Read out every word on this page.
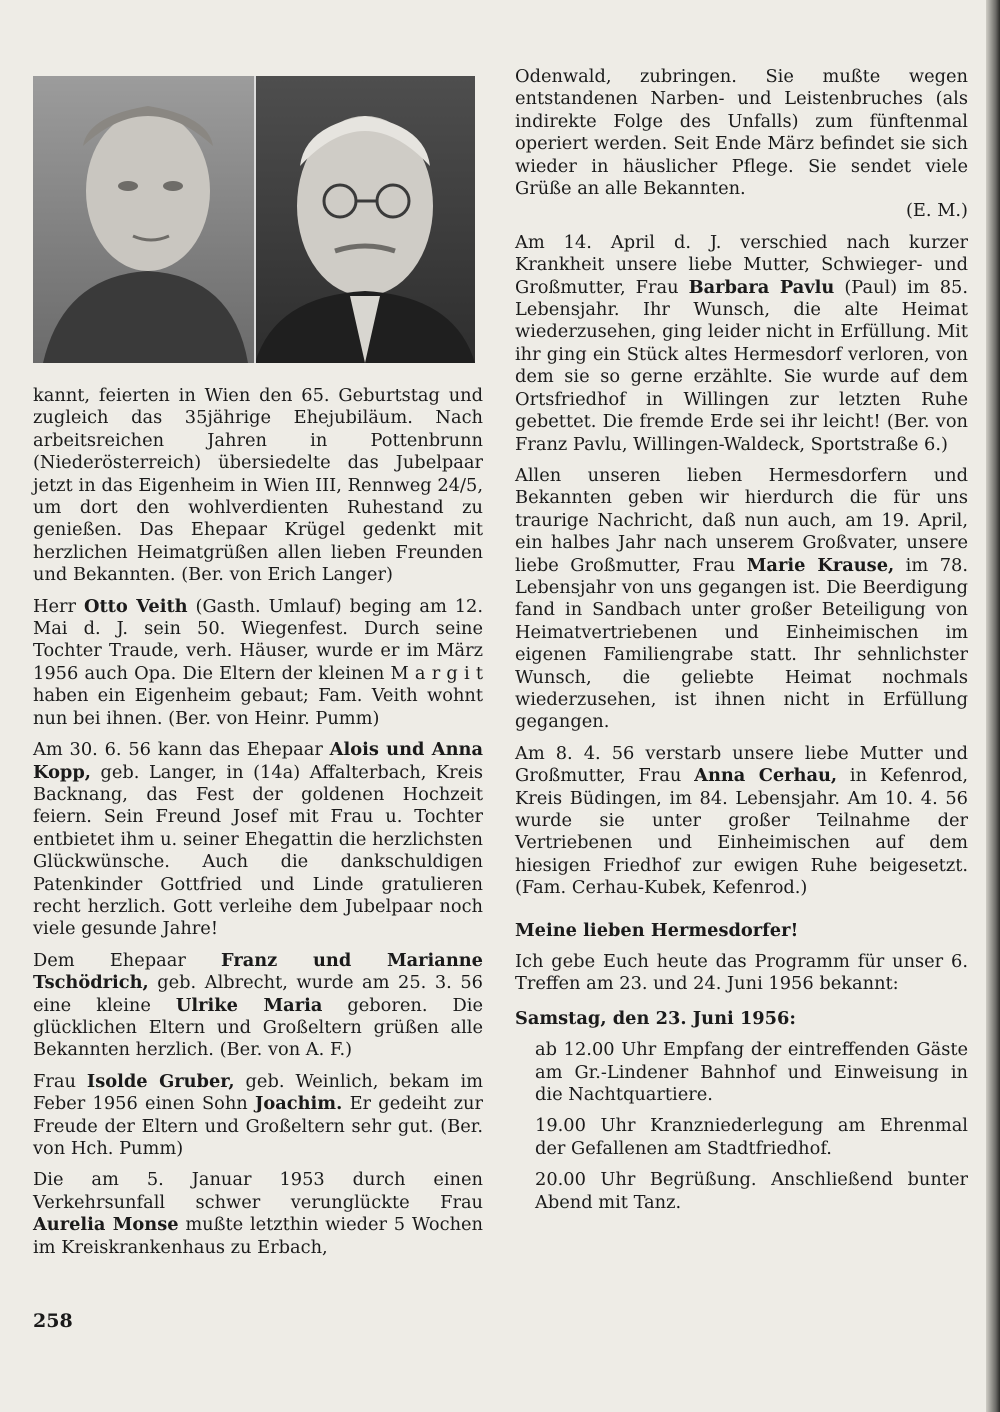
kannt, feierten in Wien den 65. Geburtstag und zugleich das 35jährige Ehejubiläum. Nach arbeitsreichen Jahren in Pottenbrunn (Niederösterreich) übersiedelte das Jubelpaar jetzt in das Eigenheim in Wien III, Rennweg 24/5, um dort den wohlverdienten Ruhestand zu genießen. Das Ehepaar Krügel gedenkt mit herzlichen Heimatgrüßen allen lieben Freunden und Bekannten. (Ber. von Erich Langer)

Herr Otto Veith (Gasth. Umlauf) beging am 12. Mai d. J. sein 50. Wiegenfest. Durch seine Tochter Traude, verh. Häuser, wurde er im März 1956 auch Opa. Die Eltern der kleinen M a r g i t haben ein Eigenheim gebaut; Fam. Veith wohnt nun bei ihnen. (Ber. von Heinr. Pumm)

Am 30. 6. 56 kann das Ehepaar Alois und Anna Kopp, geb. Langer, in (14a) Affalterbach, Kreis Backnang, das Fest der goldenen Hochzeit feiern. Sein Freund Josef mit Frau u. Tochter entbietet ihm u. seiner Ehegattin die herzlichsten Glückwünsche. Auch die dankschuldigen Patenkinder Gottfried und Linde gratulieren recht herzlich. Gott verleihe dem Jubelpaar noch viele gesunde Jahre!

Dem Ehepaar Franz und Marianne Tschödrich, geb. Albrecht, wurde am 25. 3. 56 eine kleine Ulrike Maria geboren. Die glücklichen Eltern und Großeltern grüßen alle Bekannten herzlich. (Ber. von A. F.)

Frau Isolde Gruber, geb. Weinlich, bekam im Feber 1956 einen Sohn Joachim. Er gedeiht zur Freude der Eltern und Großeltern sehr gut. (Ber. von Hch. Pumm)

Die am 5. Januar 1953 durch einen Verkehrsunfall schwer verunglückte Frau Aurelia Monse mußte letzthin wieder 5 Wochen im Kreiskrankenhaus zu Erbach,

Odenwald, zubringen. Sie mußte wegen entstandenen Narben- und Leistenbruches (als indirekte Folge des Unfalls) zum fünftenmal operiert werden. Seit Ende März befindet sie sich wieder in häuslicher Pflege. Sie sendet viele Grüße an alle Bekannten.

(E. M.)

Am 14. April d. J. verschied nach kurzer Krankheit unsere liebe Mutter, Schwieger- und Großmutter, Frau Barbara Pavlu (Paul) im 85. Lebensjahr. Ihr Wunsch, die alte Heimat wiederzusehen, ging leider nicht in Erfüllung. Mit ihr ging ein Stück altes Hermesdorf verloren, von dem sie so gerne erzählte. Sie wurde auf dem Ortsfriedhof in Willingen zur letzten Ruhe gebettet. Die fremde Erde sei ihr leicht! (Ber. von Franz Pavlu, Willingen-Waldeck, Sportstraße 6.)

Allen unseren lieben Hermesdorfern und Bekannten geben wir hierdurch die für uns traurige Nachricht, daß nun auch, am 19. April, ein halbes Jahr nach unserem Großvater, unsere liebe Großmutter, Frau Marie Krause, im 78. Lebensjahr von uns gegangen ist. Die Beerdigung fand in Sandbach unter großer Beteiligung von Heimatvertriebenen und Einheimischen im eigenen Familiengrabe statt. Ihr sehnlichster Wunsch, die geliebte Heimat nochmals wiederzusehen, ist ihnen nicht in Erfüllung gegangen.

Am 8. 4. 56 verstarb unsere liebe Mutter und Großmutter, Frau Anna Cerhau, in Kefenrod, Kreis Büdingen, im 84. Lebensjahr. Am 10. 4. 56 wurde sie unter großer Teilnahme der Vertriebenen und Einheimischen auf dem hiesigen Friedhof zur ewigen Ruhe beigesetzt. (Fam. Cerhau-Kubek, Kefenrod.)

Meine lieben Hermesdorfer!

Ich gebe Euch heute das Programm für unser 6. Treffen am 23. und 24. Juni 1956 bekannt:

Samstag, den 23. Juni 1956:

ab 12.00 Uhr Empfang der eintreffenden Gäste am Gr.-Lindener Bahnhof und Einweisung in die Nachtquartiere.

19.00 Uhr Kranzniederlegung am Ehrenmal der Gefallenen am Stadtfriedhof.

20.00 Uhr Begrüßung. Anschließend bunter Abend mit Tanz.

258
